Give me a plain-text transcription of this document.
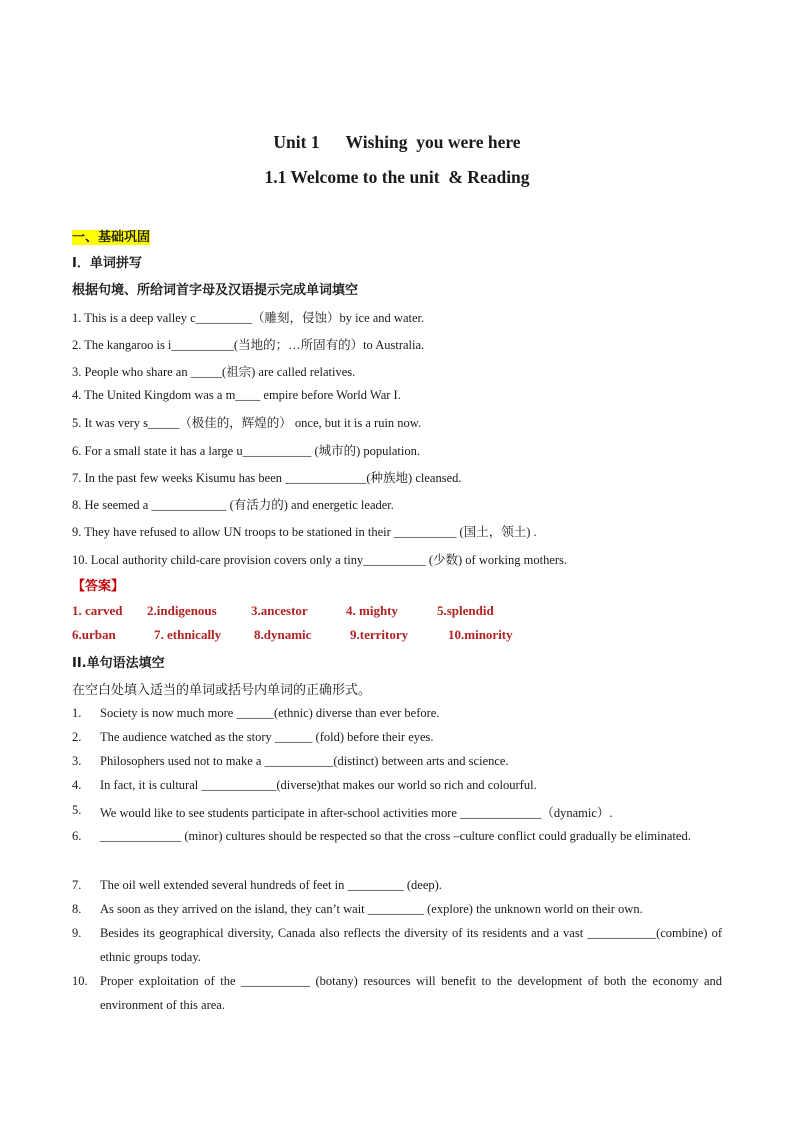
Unit 1      Wishing  you were here
1.1 Welcome to the unit  & Reading
一、基础巩固
I．单词拼写
根据句境、所给词首字母及汉语提示完成单词填空
1. This is a deep valley c_________（雕刻，侵蚀）by ice and water.
2. The kangaroo is i__________(当地的；…所固有的）to Australia.
3. People who share an _____(祖宗) are called relatives.
4. The United Kingdom was a m____ empire before World War I.
5. It was very s_____（极佳的，辉煌的） once, but it is a ruin now.
6. For a small state it has a large u___________ (城市的) population.
7. In the past few weeks Kisumu has been _____________(种族地) cleansed.
8. He seemed a ____________ (有活力的) and energetic leader.
9. They have refused to allow UN troops to be stationed in their __________ (国土，领土) .
10. Local authority child-care provision covers only a tiny__________ (少数) of working mothers.
【答案】
1. carved 2.indigenous	3.ancestor	4. mighty	5.splendid
6.urban	7. ethnically	8.dynamic	9.territory	10.minority
II.单句语法填空
在空白处填入适当的单词或括号内单词的正确形式。
1. Society is now much more ______(ethnic) diverse than ever before.
2. The audience watched as the story ______ (fold) before their eyes.
3. Philosophers used not to make a ___________(distinct) between arts and science.
4. In fact, it is cultural ____________(diverse)that makes our world so rich and colourful.
5. We would like to see students participate in after-school activities more _____________（dynamic）.
6. _____________ (minor) cultures should be respected so that the cross –culture conflict could gradually be eliminated.
7. The oil well extended several hundreds of feet in _________ (deep).
8. As soon as they arrived on the island, they can’t wait _________ (explore) the unknown world on their own.
9. Besides its geographical diversity, Canada also reflects the diversity of its residents and a vast ___________(combine) of ethnic groups today.
10. Proper exploitation of the ___________ (botany) resources will benefit to the development of both the economy and environment of this area.
